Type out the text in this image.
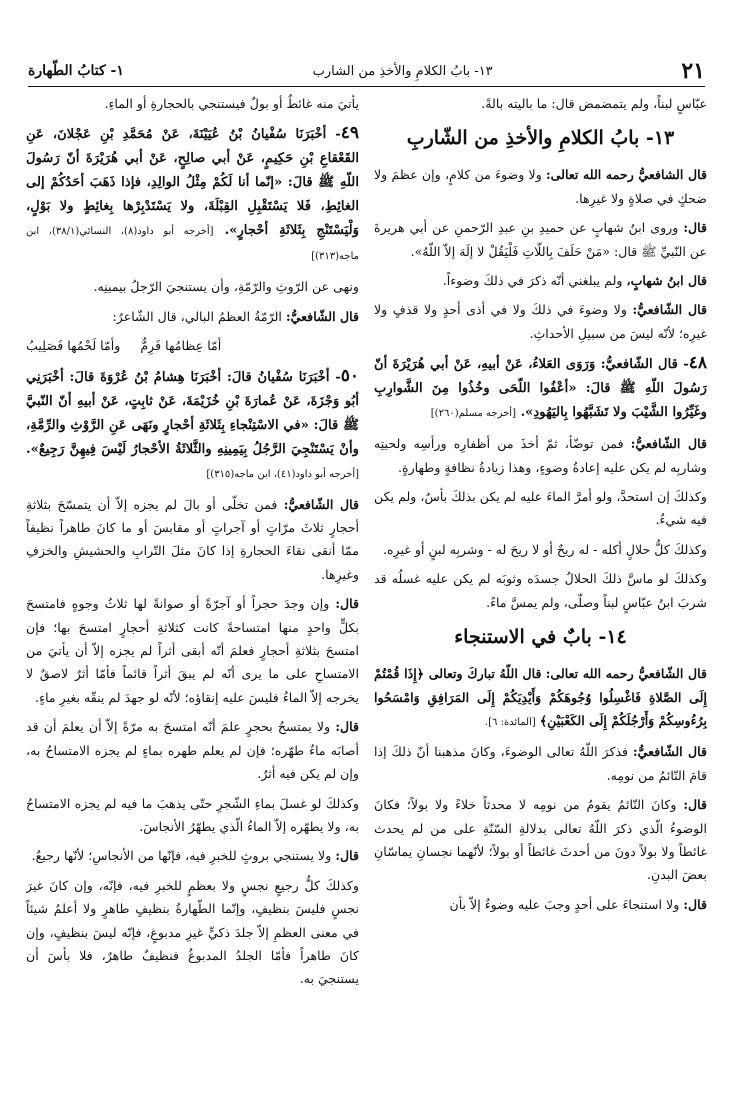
٢١
١٣- بابُ الكلامِ والأخذِ من الشارب
١- كتابُ الطّهارة

عبّاسٍ لبناً، ولم يتمضمض قال: ما باليته بالةً.

١٣- بابُ الكلامِ والأخذِ من الشّاربِ

قال الشافعيُّ رحمه الله تعالى: ولا وضوءَ من كلامٍ، وإن عظمَ ولا ضحكٍ في صلاةٍ ولا غيرِها.

قال: وروى ابنُ شهابٍ عن حميدِ بنِ عبدِ الرّحمنِ عن أبي هريرةَ عن النّبيِّ ﷺ قال: «مَنْ حَلَفَ بِاللّاتِ فَلْيَقُلْ لا إلَهَ إلاّ اللّهُ».

قال ابنُ شهابٍ، ولم يبلغني أنّه ذكرَ في ذلكَ وضوءاً.

قال الشّافعيُّ: ولا وضوءَ في ذلكَ ولا في أذى أحدٍ ولا قذفٍ ولا غيرِه؛ لأنّه ليسَ من سبيلِ الأحداثِ.

٤٨- قال الشّافعيُّ: وَرَوَى العَلاءُ، عَنْ أبيهِ، عَنْ أبي هُرَيْرَةَ أنّ رَسُولَ اللّهِ ﷺ قالَ: «أعْفُوا اللّحَى وخُذُوا مِنَ الشَّوارِبِ وغَيِّرُوا الشَّيْبَ ولا تَشَبَّهُوا بِاليَهُودِ». [أخرجه مسلم(٢٦٠)]

قال الشّافعيُّ: فمن توضّأ، ثمّ أخذَ من أظفارِه ورأسِه ولحيتِه وشاربِه لم يكن عليه إعادةُ وضوءٍ، وهذا زيادةُ نظافةٍ وطهارةٍ.

وكذلكَ إن استحدَّ، ولو أمرَّ الماءَ عليه لم يكن بذلكَ بأسٌ، ولم يكن فيه شيءٌ.

وكذلكَ كلُّ حلالٍ أكله - له ريحٌ أو لا ريحَ له - وشربِه لبنٍ أو غيرِه.

وكذلكَ لو ماسَّ ذلكَ الحلالُ جسدَه وثوبَه لم يكن عليه غسلُه قد شربَ ابنُ عبّاسٍ لبناً وصلّى، ولم يمسَّ ماءً.

١٤- بابٌ في الاستنجاء

قال الشّافعيُّ رحمه الله تعالى: قال اللّهُ تباركَ وتعالى ﴿إِذَا قُمْتُمْ إِلَى الصَّلاةِ فَاغْسِلُوا وُجُوهَكُمْ وَأَيْدِيَكُمْ إِلَى المَرَافِقِ وَامْسَحُوا بِرُءُوسِكُمْ وَأَرْجُلَكُمْ إِلَى الكَعْبَيْنِ﴾ [المائدة: ٦].

قال الشّافعيُّ: فذكرَ اللّهُ تعالى الوضوءَ، وكانَ مذهبنا أنّ ذلكَ إذا قامَ النّائمُ من نومِه.

قال: وكانَ النّائمُ يقومُ من نومِه لا محدثاً خلاءً ولا بولاً؛ فكانَ الوضوءُ الّذي ذكرَ اللّهُ تعالى بدلالةِ السّنّةِ على من لم يحدث غائطاً ولا بولاً دونَ من أحدثَ غائطاً أو بولاً؛ لأنّهما نجسانِ يماسّانِ بعضَ البدنِ.

قال: ولا استنجاءَ على أحدٍ وجبَ عليه وضوءٌ إلاّ بأن

يأتيَ منه غائطٌ أو بولٌ فيستنجي بالحجارةِ أو الماءِ.

٤٩- أخْبَرَنَا سُفْيانُ بْنُ عُيَيْنَةَ، عَنْ مُحَمَّدِ بْنِ عَجْلانَ، عَنِ القَعْقاعِ بْنِ حَكِيمٍ، عَنْ أبي صالِحٍ، عَنْ أبي هُرَيْرَةَ أنّ رَسُولَ اللّهِ ﷺ قالَ: «إنّما أنا لَكُمْ مِثْلُ الوالِدِ، فإذا ذَهَبَ أحَدُكُمْ إلى الغائِطِ، فَلا يَسْتَقْبِلِ القِبْلَةَ، ولا يَسْتَدْبِرْها بِغائِطٍ ولا بَوْلٍ، وَلْيَسْتَنْجِ بِثَلاثَةِ أحْجارٍ». [أخرجه أبو داود(٨)، النسائي(٣٨/١)، ابن ماجه(٣١٣)]

ونهى عن الرّوثِ والرّمّةِ، وأن يستنجيَ الرّجلُ بيمينِه.

قال الشّافعيُّ: الرّمّةُ العظمُ البالي، قال الشّاعرُ:

أمّا عِظامُها فَرِمٌّ     وأمّا لَحْمُها فَصَلِيبُ

٥٠- أخْبَرَنَا سُفْيانُ قالَ: أخْبَرَنَا هِشامُ بْنُ عُرْوَةَ قالَ: أخْبَرَنِي أبُو وَجْزَةَ، عَنْ عُمارَةَ بْنِ خُزَيْمَةَ، عَنْ ثابِتٍ، عَنْ أبيهِ أنّ النّبيَّ ﷺ قالَ: «في الاسْتِنْجاءِ بِثَلاثَةِ أحْجارٍ ونَهَى عَنِ الرَّوْثِ والرِّمَّةِ، وأنْ يَسْتَنْجِيَ الرَّجُلُ بِيَمِينِهِ والثَّلاثَةُ الأحْجارُ لَيْسَ فِيهِنَّ رَجِيعٌ». [أخرجه أبو داود(٤١)، ابن ماجه(٣١٥)]

قال الشّافعيُّ: فمن تخلّى أو بالَ لم يجزه إلاّ أن يتمسّحَ بثلاثةِ أحجارٍ ثلاثَ مرّاتٍ أو آجراتٍ أو مقابسَ أو ما كانَ طاهراً نظيفاً ممّا أنقى نقاءَ الحجارةِ إذا كانَ مثلَ التّرابِ والحشيشِ والخزفِ وغيرِها.

قال: وإن وجدَ حجراً أو آجرّةً أو صوانةً لها ثلاثُ وجوهٍ فامتسحَ بكلٍّ واحدٍ منها امتساحةً كانت كثلاثةِ أحجارٍ امتسحَ بها؛ فإن امتسحَ بثلاثةِ أحجارٍ فعلمَ أنّه أبقى أثراً لم يجزه إلاّ أن يأتيَ من الامتساحِ على ما يرى أنّه لم يبقَ أثراً قائماً فأمّا أثرٌ لاصقٌ لا يخرجه إلاّ الماءُ فليسَ عليه إنقاؤه؛ لأنّه لو جهدَ لم ينقّه بغيرِ ماءٍ.

قال: ولا يمتسحُ بحجرٍ علمَ أنّه امتسحَ به مرّةً إلاّ أن يعلمَ أن قد أصابَه ماءٌ طهّره؛ فإن لم يعلم طهره بماءٍ لم يجزه الامتساحُ به، وإن لم يكن فيه أثرٌ.

وكذلكَ لو غسلَ بماءِ الشّجرِ حتّى يذهبَ ما فيه لم يجزه الامتساحُ به، ولا يطهّره إلاّ الماءُ الّذي يطهّرُ الأنجاسَ.

قال: ولا يستنجي بروثٍ للخبرِ فيه، فإنّها من الأنجاسِ؛ لأنّها رجيعٌ.

وكذلكَ كلُّ رجيعٍ نجسٍ ولا بعظمٍ للخبرِ فيه، فإنّه، وإن كانَ غيرَ نجسٍ فليسَ بنظيفٍ، وإنّما الطّهارةُ بنظيفٍ طاهرٍ ولا أعلمُ شيئاً في معنى العظمِ إلاّ جلدَ ذكيٍّ غيرِ مدبوغٍ، فإنّه ليسَ بنظيفٍ، وإن كانَ طاهراً فأمّا الجلدُ المدبوغُ فنظيفٌ طاهرٌ، فلا بأسَ أن يستنجيَ به.
